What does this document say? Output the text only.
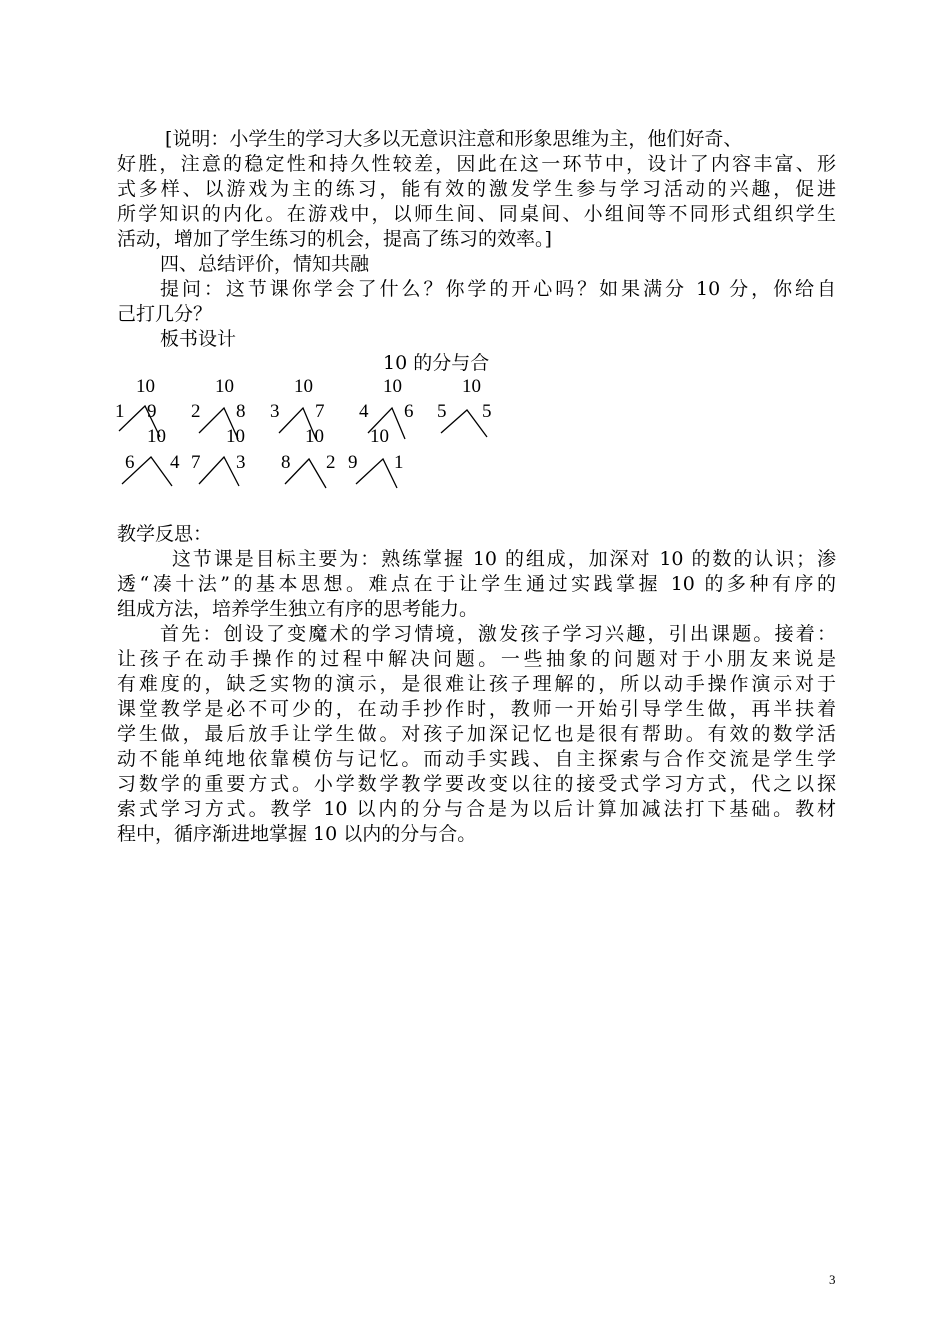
[说明：小学生的学习大多以无意识注意和形象思维为主，他们好奇、
好胜，注意的稳定性和持久性较差，因此在这一环节中，设计了内容丰富、形
式多样、以游戏为主的练习，能有效的激发学生参与学习活动的兴趣，促进
所学知识的内化。在游戏中，以师生间、同桌间、小组间等不同形式组织学生
活动，增加了学生练习的机会，提高了练习的效率。]
四、总结评价，情知共融
提问：这节课你学会了什么？你学的开心吗？如果满分 10 分，你给自
己打几分？
板书设计
10 的分与合
10
1 9
10
2 8
10
3 7
10
4 6
10
5 5
10
6 4
10
7 3
10
8 2
10
9 1
教学反思：
这节课是目标主要为：熟练掌握 10 的组成，加深对 10 的数的认识；渗
透“凑十法”的基本思想。难点在于让学生通过实践掌握 10 的多种有序的
组成方法，培养学生独立有序的思考能力。
首先：创设了变魔术的学习情境，激发孩子学习兴趣，引出课题。接着：
让孩子在动手操作的过程中解决问题。一些抽象的问题对于小朋友来说是
有难度的，缺乏实物的演示，是很难让孩子理解的，所以动手操作演示对于
课堂教学是必不可少的，在动手抄作时，教师一开始引导学生做，再半扶着
学生做，最后放手让学生做。对孩子加深记忆也是很有帮助。有效的数学活
动不能单纯地依靠模仿与记忆。而动手实践、自主探索与合作交流是学生学
习数学的重要方式。小学数学教学要改变以往的接受式学习方式，代之以探
索式学习方式。教学 10 以内的分与合是为以后计算加减法打下基础。教材
程中，循序渐进地掌握 10 以内的分与合。
3
